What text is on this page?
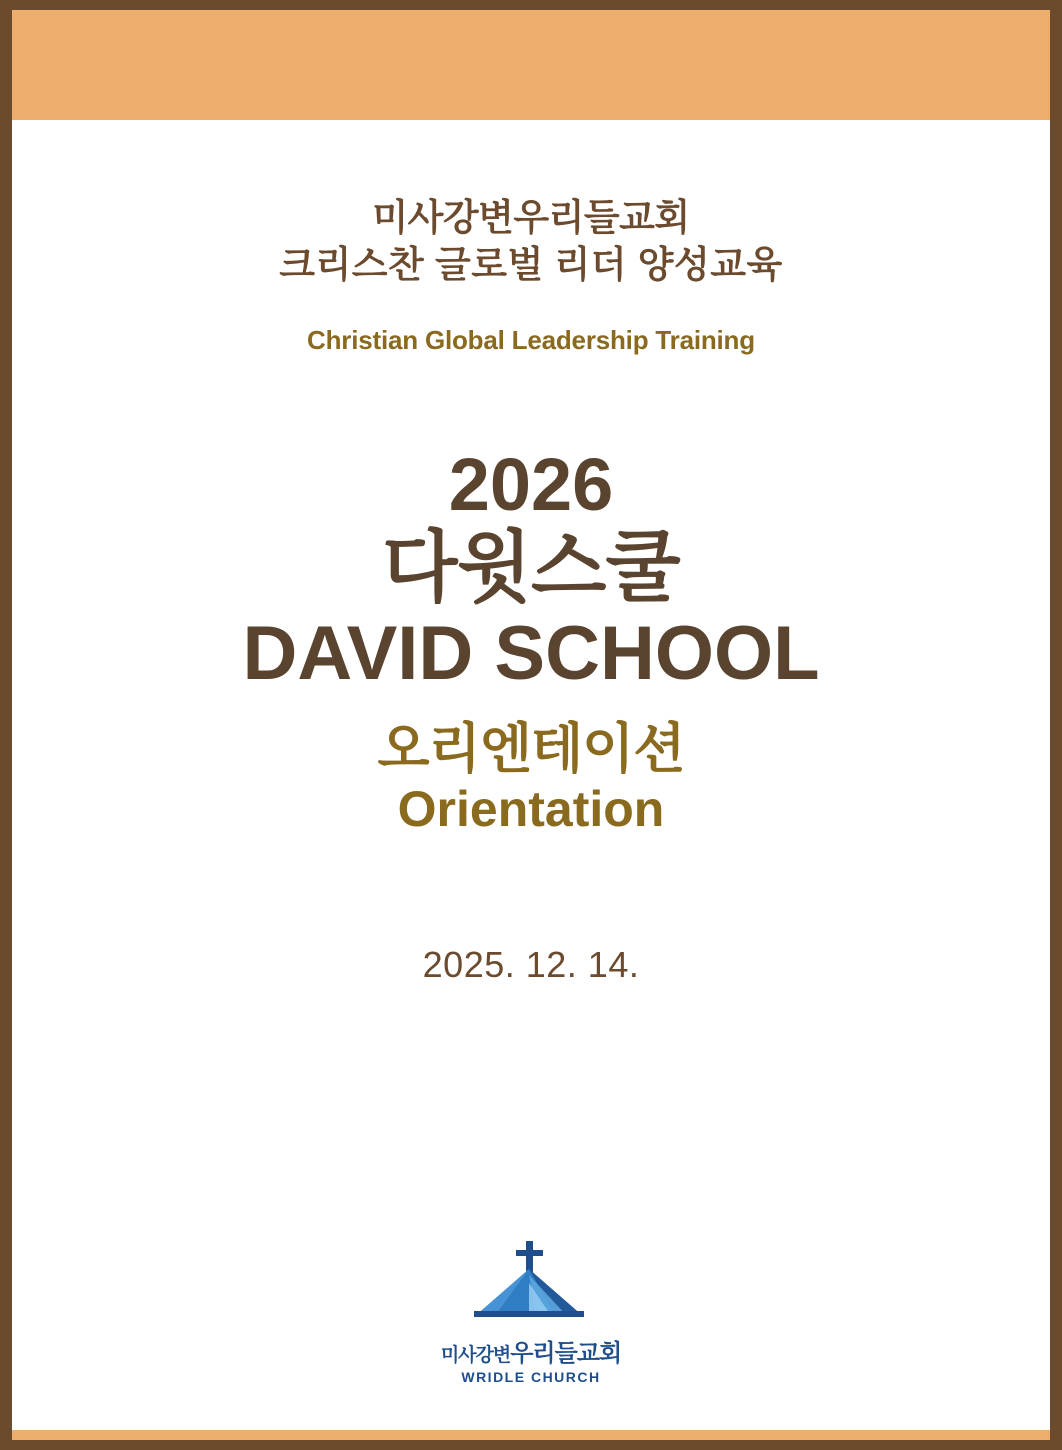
미사강변우리들교회
크리스찬 글로벌 리더 양성교육
Christian Global Leadership Training
2026
다윗스쿨
DAVID SCHOOL
오리엔테이션
Orientation
2025. 12. 14.
미사강변우리들교회
WRIDLE CHURCH
